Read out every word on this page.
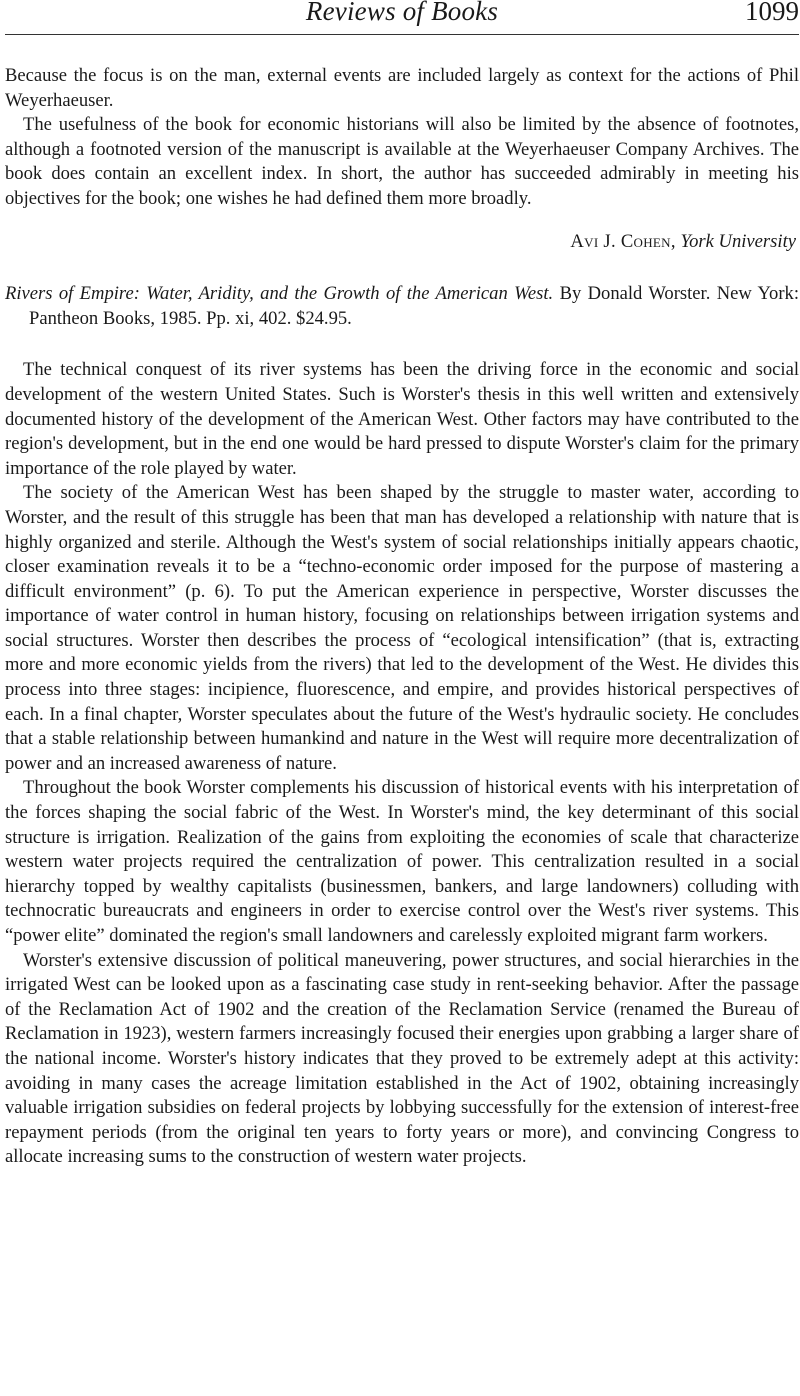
Reviews of Books	1099

Because the focus is on the man, external events are included largely as context for the actions of Phil Weyerhaeuser.

The usefulness of the book for economic historians will also be limited by the absence of footnotes, although a footnoted version of the manuscript is available at the Weyerhaeuser Company Archives. The book does contain an excellent index. In short, the author has succeeded admirably in meeting his objectives for the book; one wishes he had defined them more broadly.

Avi J. Cohen, York University
Rivers of Empire: Water, Aridity, and the Growth of the American West. By Donald Worster. New York: Pantheon Books, 1985. Pp. xi, 402. $24.95.

The technical conquest of its river systems has been the driving force in the economic and social development of the western United States. Such is Worster's thesis in this well written and extensively documented history of the development of the American West. Other factors may have contributed to the region's development, but in the end one would be hard pressed to dispute Worster's claim for the primary importance of the role played by water.

The society of the American West has been shaped by the struggle to master water, according to Worster, and the result of this struggle has been that man has developed a relationship with nature that is highly organized and sterile. Although the West's system of social relationships initially appears chaotic, closer examination reveals it to be a “techno-economic order imposed for the purpose of mastering a difficult environment” (p. 6). To put the American experience in perspective, Worster discusses the importance of water control in human history, focusing on relationships between irrigation systems and social structures. Worster then describes the process of “ecological intensification” (that is, extracting more and more economic yields from the rivers) that led to the development of the West. He divides this process into three stages: incipience, fluorescence, and empire, and provides historical perspectives of each. In a final chapter, Worster speculates about the future of the West's hydraulic society. He concludes that a stable relationship between humankind and nature in the West will require more decentralization of power and an increased awareness of nature.

Throughout the book Worster complements his discussion of historical events with his interpretation of the forces shaping the social fabric of the West. In Worster's mind, the key determinant of this social structure is irrigation. Realization of the gains from exploiting the economies of scale that characterize western water projects required the centralization of power. This centralization resulted in a social hierarchy topped by wealthy capitalists (businessmen, bankers, and large landowners) colluding with technocratic bureaucrats and engineers in order to exercise control over the West's river systems. This “power elite” dominated the region's small landowners and carelessly exploited migrant farm workers.

Worster's extensive discussion of political maneuvering, power structures, and social hierarchies in the irrigated West can be looked upon as a fascinating case study in rent-seeking behavior. After the passage of the Reclamation Act of 1902 and the creation of the Reclamation Service (renamed the Bureau of Reclamation in 1923), western farmers increasingly focused their energies upon grabbing a larger share of the national income. Worster's history indicates that they proved to be extremely adept at this activity: avoiding in many cases the acreage limitation established in the Act of 1902, obtaining increasingly valuable irrigation subsidies on federal projects by lobbying successfully for the extension of interest-free repayment periods (from the original ten years to forty years or more), and convincing Congress to allocate increasing sums to the construction of western water projects.
